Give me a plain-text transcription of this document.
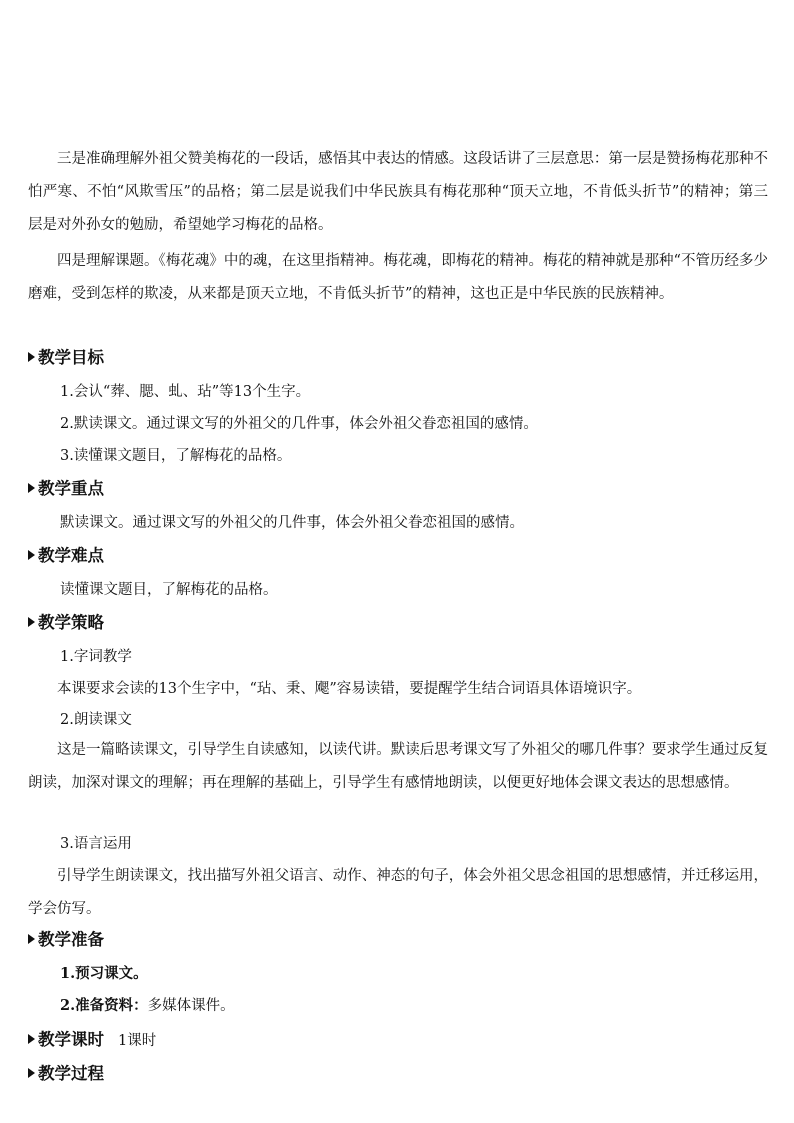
三是准确理解外祖父赞美梅花的一段话，感悟其中表达的情感。这段话讲了三层意思：第一层是赞扬梅花那种不怕严寒、不怕“风欺雪压”的品格；第二层是说我们中华民族具有梅花那种“顶天立地，不肯低头折节”的精神；第三层是对外孙女的勉励，希望她学习梅花的品格。

四是理解课题。《梅花魂》中的魂，在这里指精神。梅花魂，即梅花的精神。梅花的精神就是那种“不管历经多少磨难，受到怎样的欺凌，从来都是顶天立地，不肯低头折节”的精神，这也正是中华民族的民族精神。

教学目标

1.会认“葬、腮、虬、玷”等13个生字。

2.默读课文。通过课文写的外祖父的几件事，体会外祖父眷恋祖国的感情。

3.读懂课文题目，了解梅花的品格。

教学重点

默读课文。通过课文写的外祖父的几件事，体会外祖父眷恋祖国的感情。

教学难点

读懂课文题目，了解梅花的品格。

教学策略

1.字词教学

本课要求会读的13个生字中，“玷、秉、飔”容易读错，要提醒学生结合词语具体语境识字。

2.朗读课文

这是一篇略读课文，引导学生自读感知，以读代讲。默读后思考课文写了外祖父的哪几件事？要求学生通过反复朗读，加深对课文的理解；再在理解的基础上，引导学生有感情地朗读，以便更好地体会课文表达的思想感情。

3.语言运用

引导学生朗读课文，找出描写外祖父语言、动作、神态的句子，体会外祖父思念祖国的思想感情，并迁移运用，学会仿写。

教学准备

1.预习课文。

2.准备资料：多媒体课件。

教学课时 1课时
教学过程
